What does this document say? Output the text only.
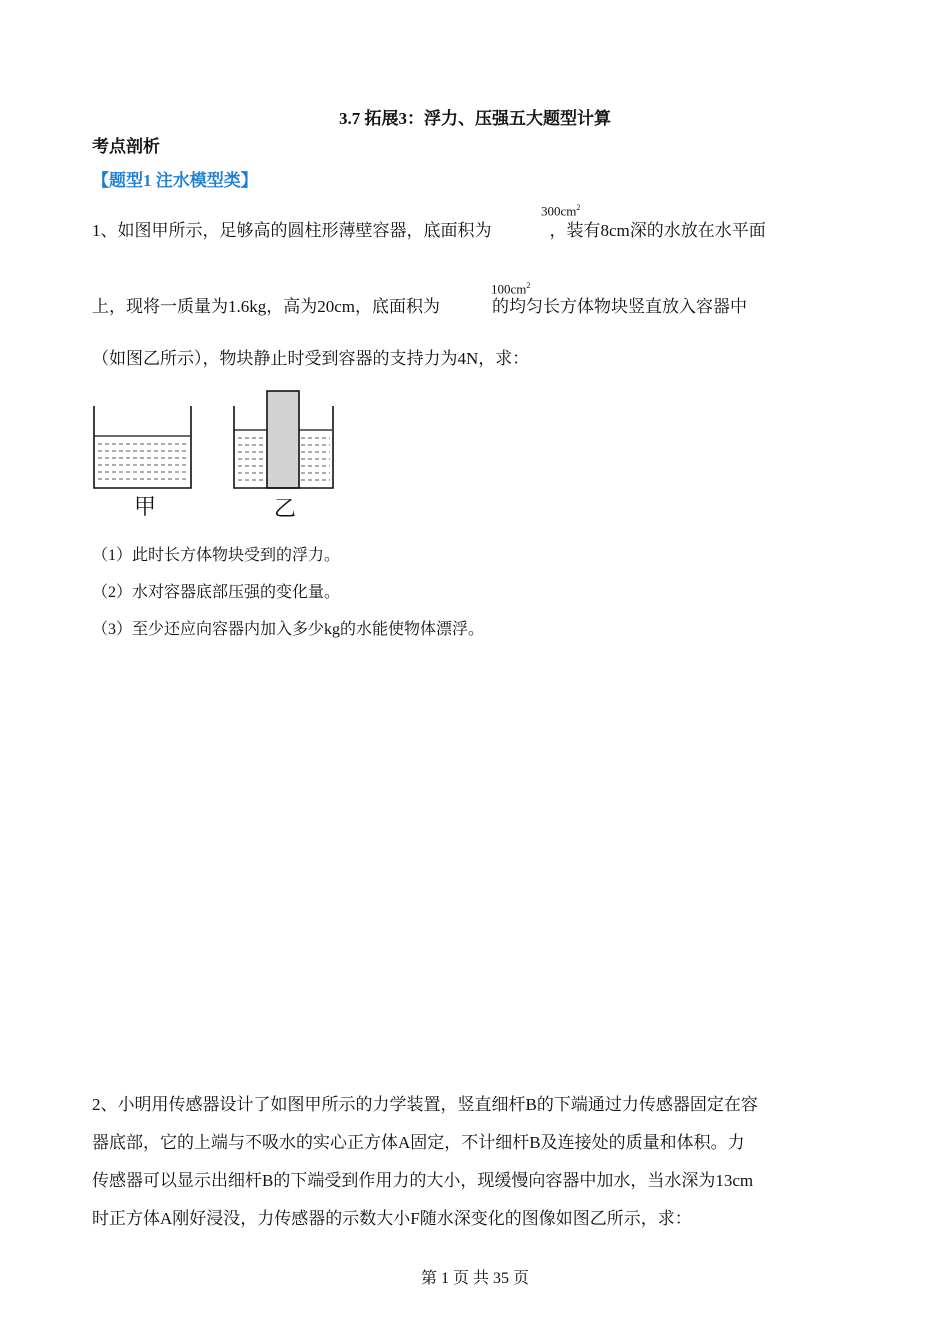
3.7 拓展3：浮力、压强五大题型计算
考点剖析
【题型1 注水模型类】
1、如图甲所示，足够高的圆柱形薄壁容器，底面积为	，装有8cm深的水放在水平面
$300cm^2$
上，现将一质量为1.6kg，高为20cm，底面积为	的均匀长方体物块竖直放入容器中
$100cm^2$
（如图乙所示），物块静止时受到容器的支持力为4N，求：
甲	乙
（1）此时长方体物块受到的浮力。
（2）水对容器底部压强的变化量。
（3）至少还应向容器内加入多少kg的水能使物体漂浮。
2、小明用传感器设计了如图甲所示的力学装置，竖直细杆B的下端通过力传感器固定在容
器底部，它的上端与不吸水的实心正方体A固定，不计细杆B及连接处的质量和体积。力
传感器可以显示出细杆B的下端受到作用力的大小，现缓慢向容器中加水，当水深为13cm
时正方体A刚好浸没，力传感器的示数大小F随水深变化的图像如图乙所示，求：
第 1 页 共 35 页
